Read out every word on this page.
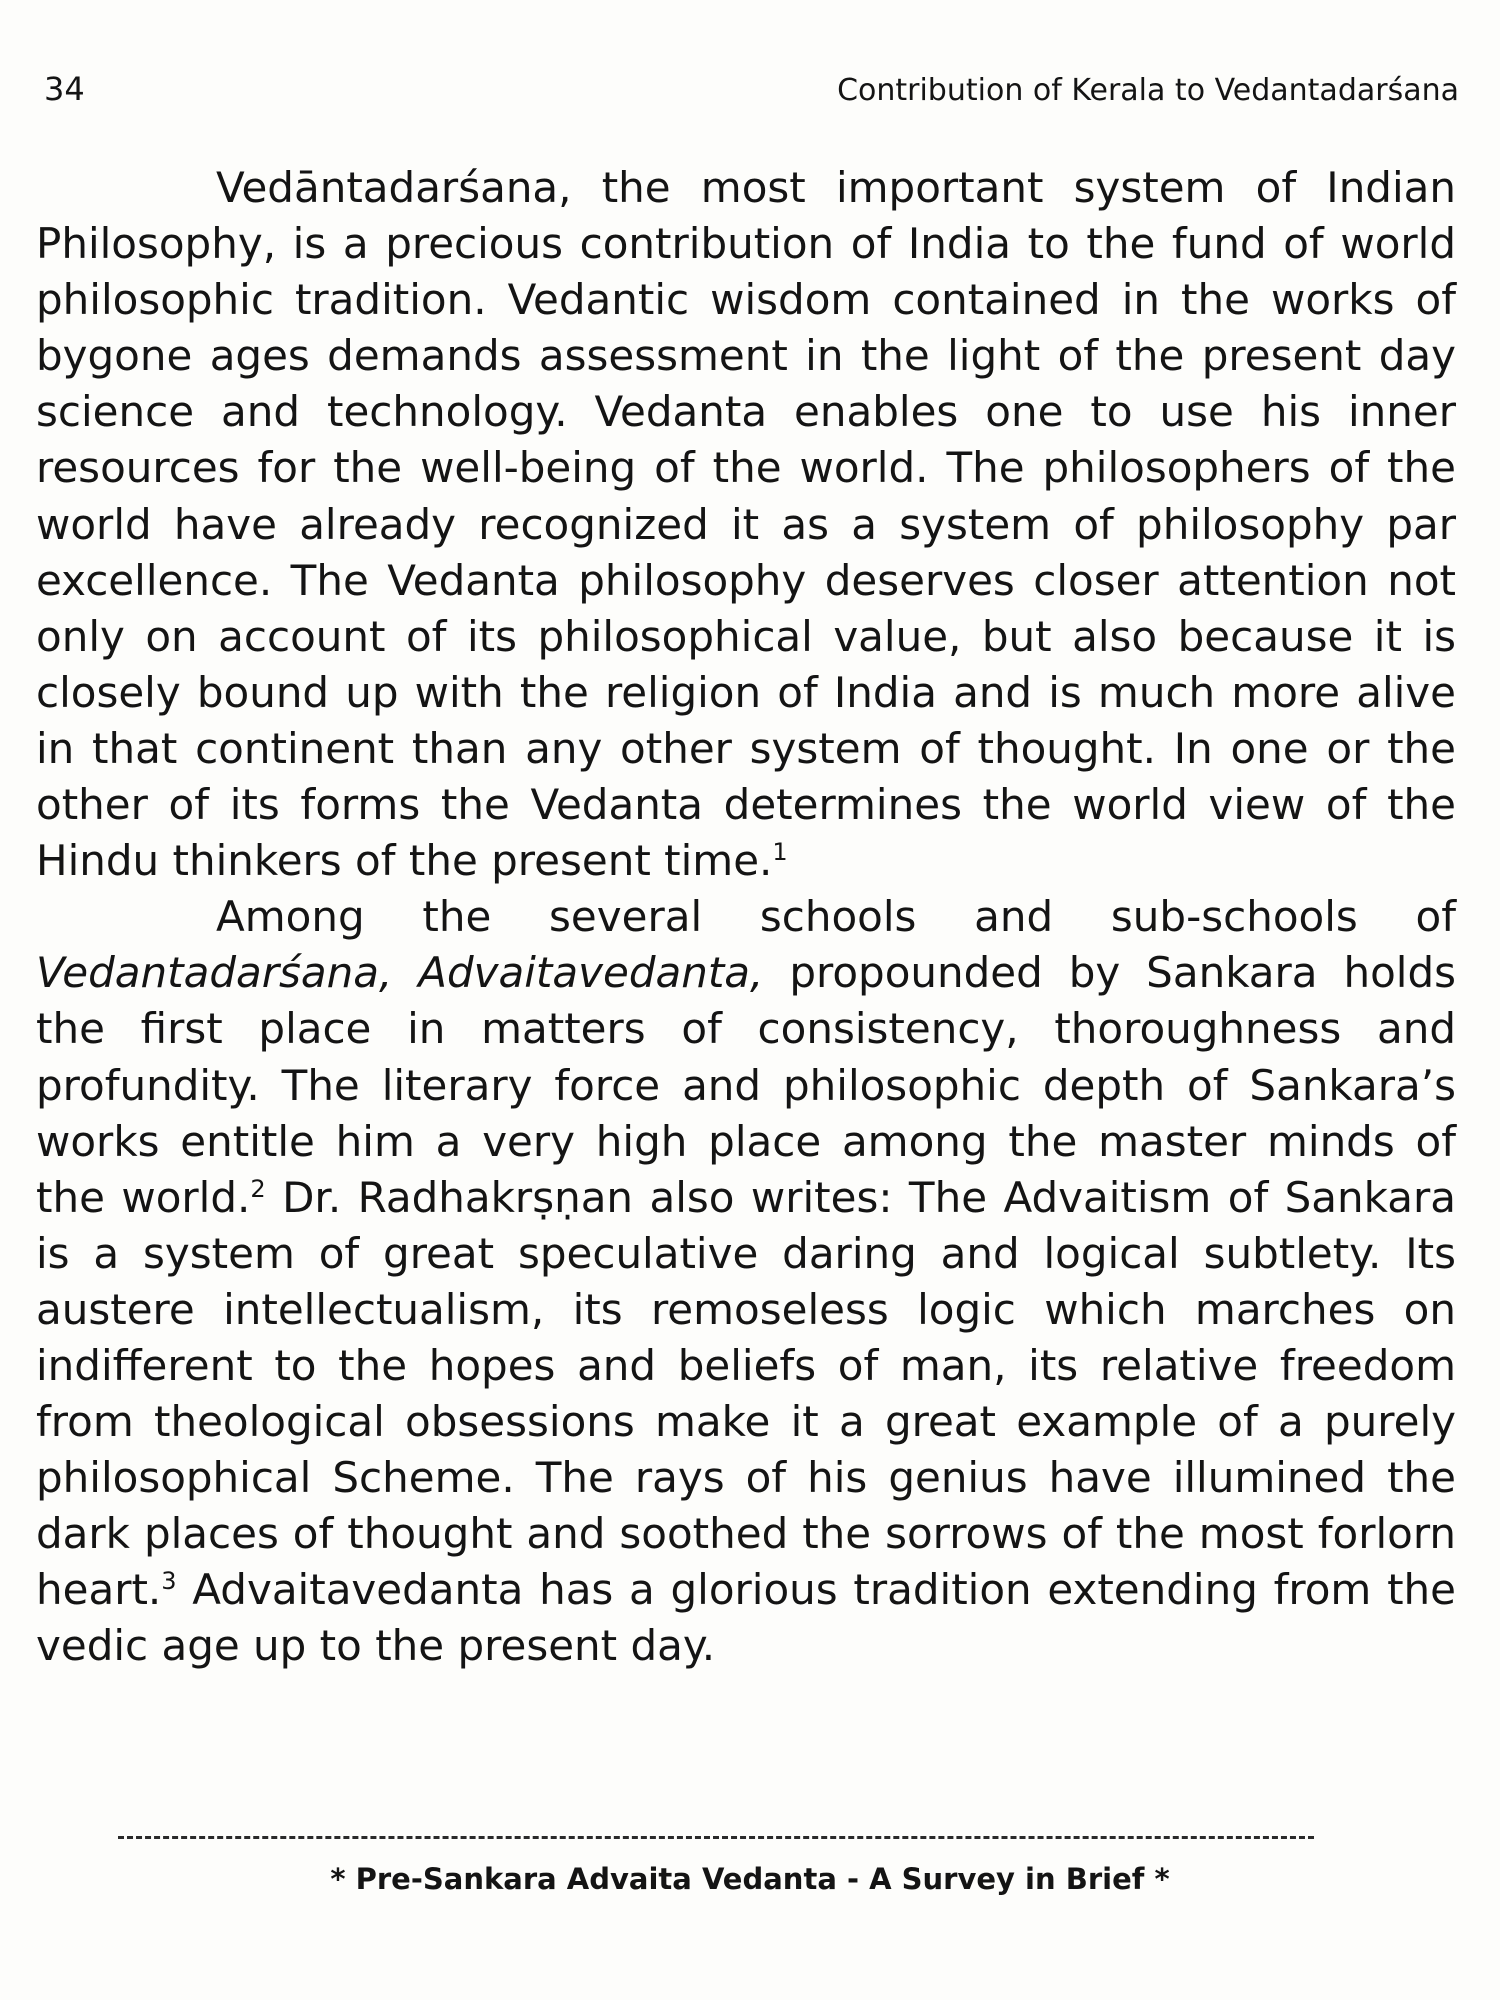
34	Contribution of Kerala to Vedantadarśana

Vedāntadarśana, the most important system of Indian Philosophy, is a precious contribution of India to the fund of world philosophic tradition. Vedantic wisdom contained in the works of bygone ages demands assessment in the light of the present day science and technology. Vedanta enables one to use his inner resources for the well-being of the world. The philosophers of the world have already recognized it as a system of philosophy par excellence. The Vedanta philosophy deserves closer attention not only on account of its philosophical value, but also because it is closely bound up with the religion of India and is much more alive in that continent than any other system of thought. In one or the other of its forms the Vedanta determines the world view of the Hindu thinkers of the present time.$^1$

Among the several schools and sub-schools of Vedantadarśana, Advaitavedanta, propounded by Sankara holds the first place in matters of consistency, thoroughness and profundity. The literary force and philosophic depth of Sankara’s works entitle him a very high place among the master minds of the world.$^2$ Dr. Radhakrṣṇan also writes: The Advaitism of Sankara is a system of great speculative daring and logical subtlety. Its austere intellectualism, its remoseless logic which marches on indifferent to the hopes and beliefs of man, its relative freedom from theological obsessions make it a great example of a purely philosophical Scheme. The rays of his genius have illumined the dark places of thought and soothed the sorrows of the most forlorn heart.$^3$ Advaitavedanta has a glorious tradition extending from the vedic age up to the present day.

* Pre-Sankara Advaita Vedanta - A Survey in Brief *
